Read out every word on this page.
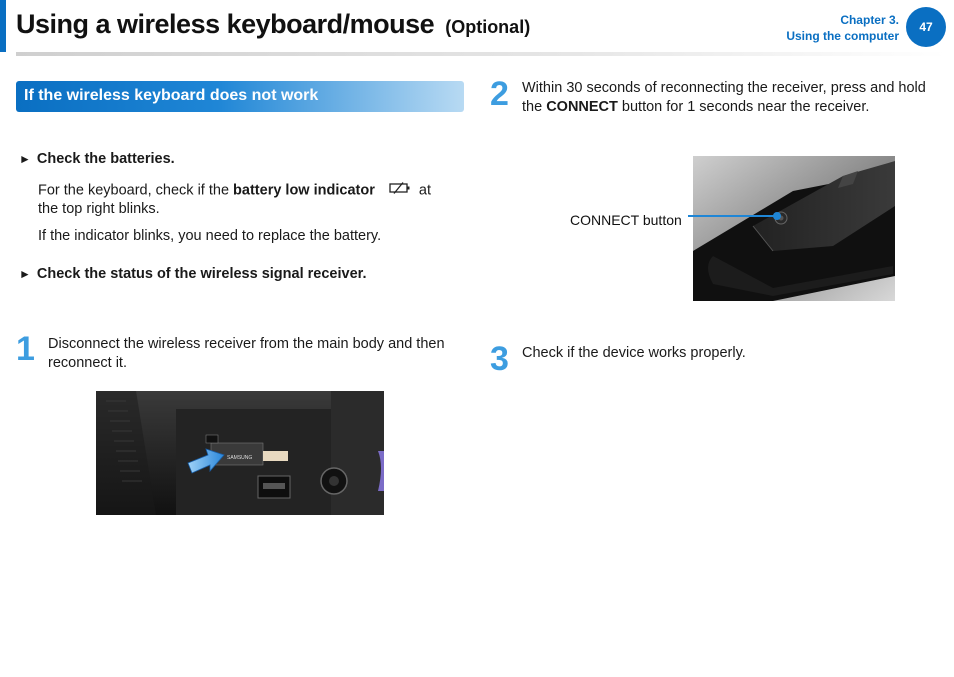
Using a wireless keyboard/mouse (Optional)	Chapter 3.
Using the computer
47
If the wireless keyboard does not work
► Check the batteries.
For the keyboard, check if the battery low indicator	at
the top right blinks.
If the indicator blinks, you need to replace the battery.
► Check the status of the wireless signal receiver.
1 Disconnect the wireless receiver from the main body and then reconnect it.
SAMSUNG
2 Within 30 seconds of reconnecting the receiver, press and hold the CONNECT button for 1 seconds near the receiver.
CONNECT button
3 Check if the device works properly.
